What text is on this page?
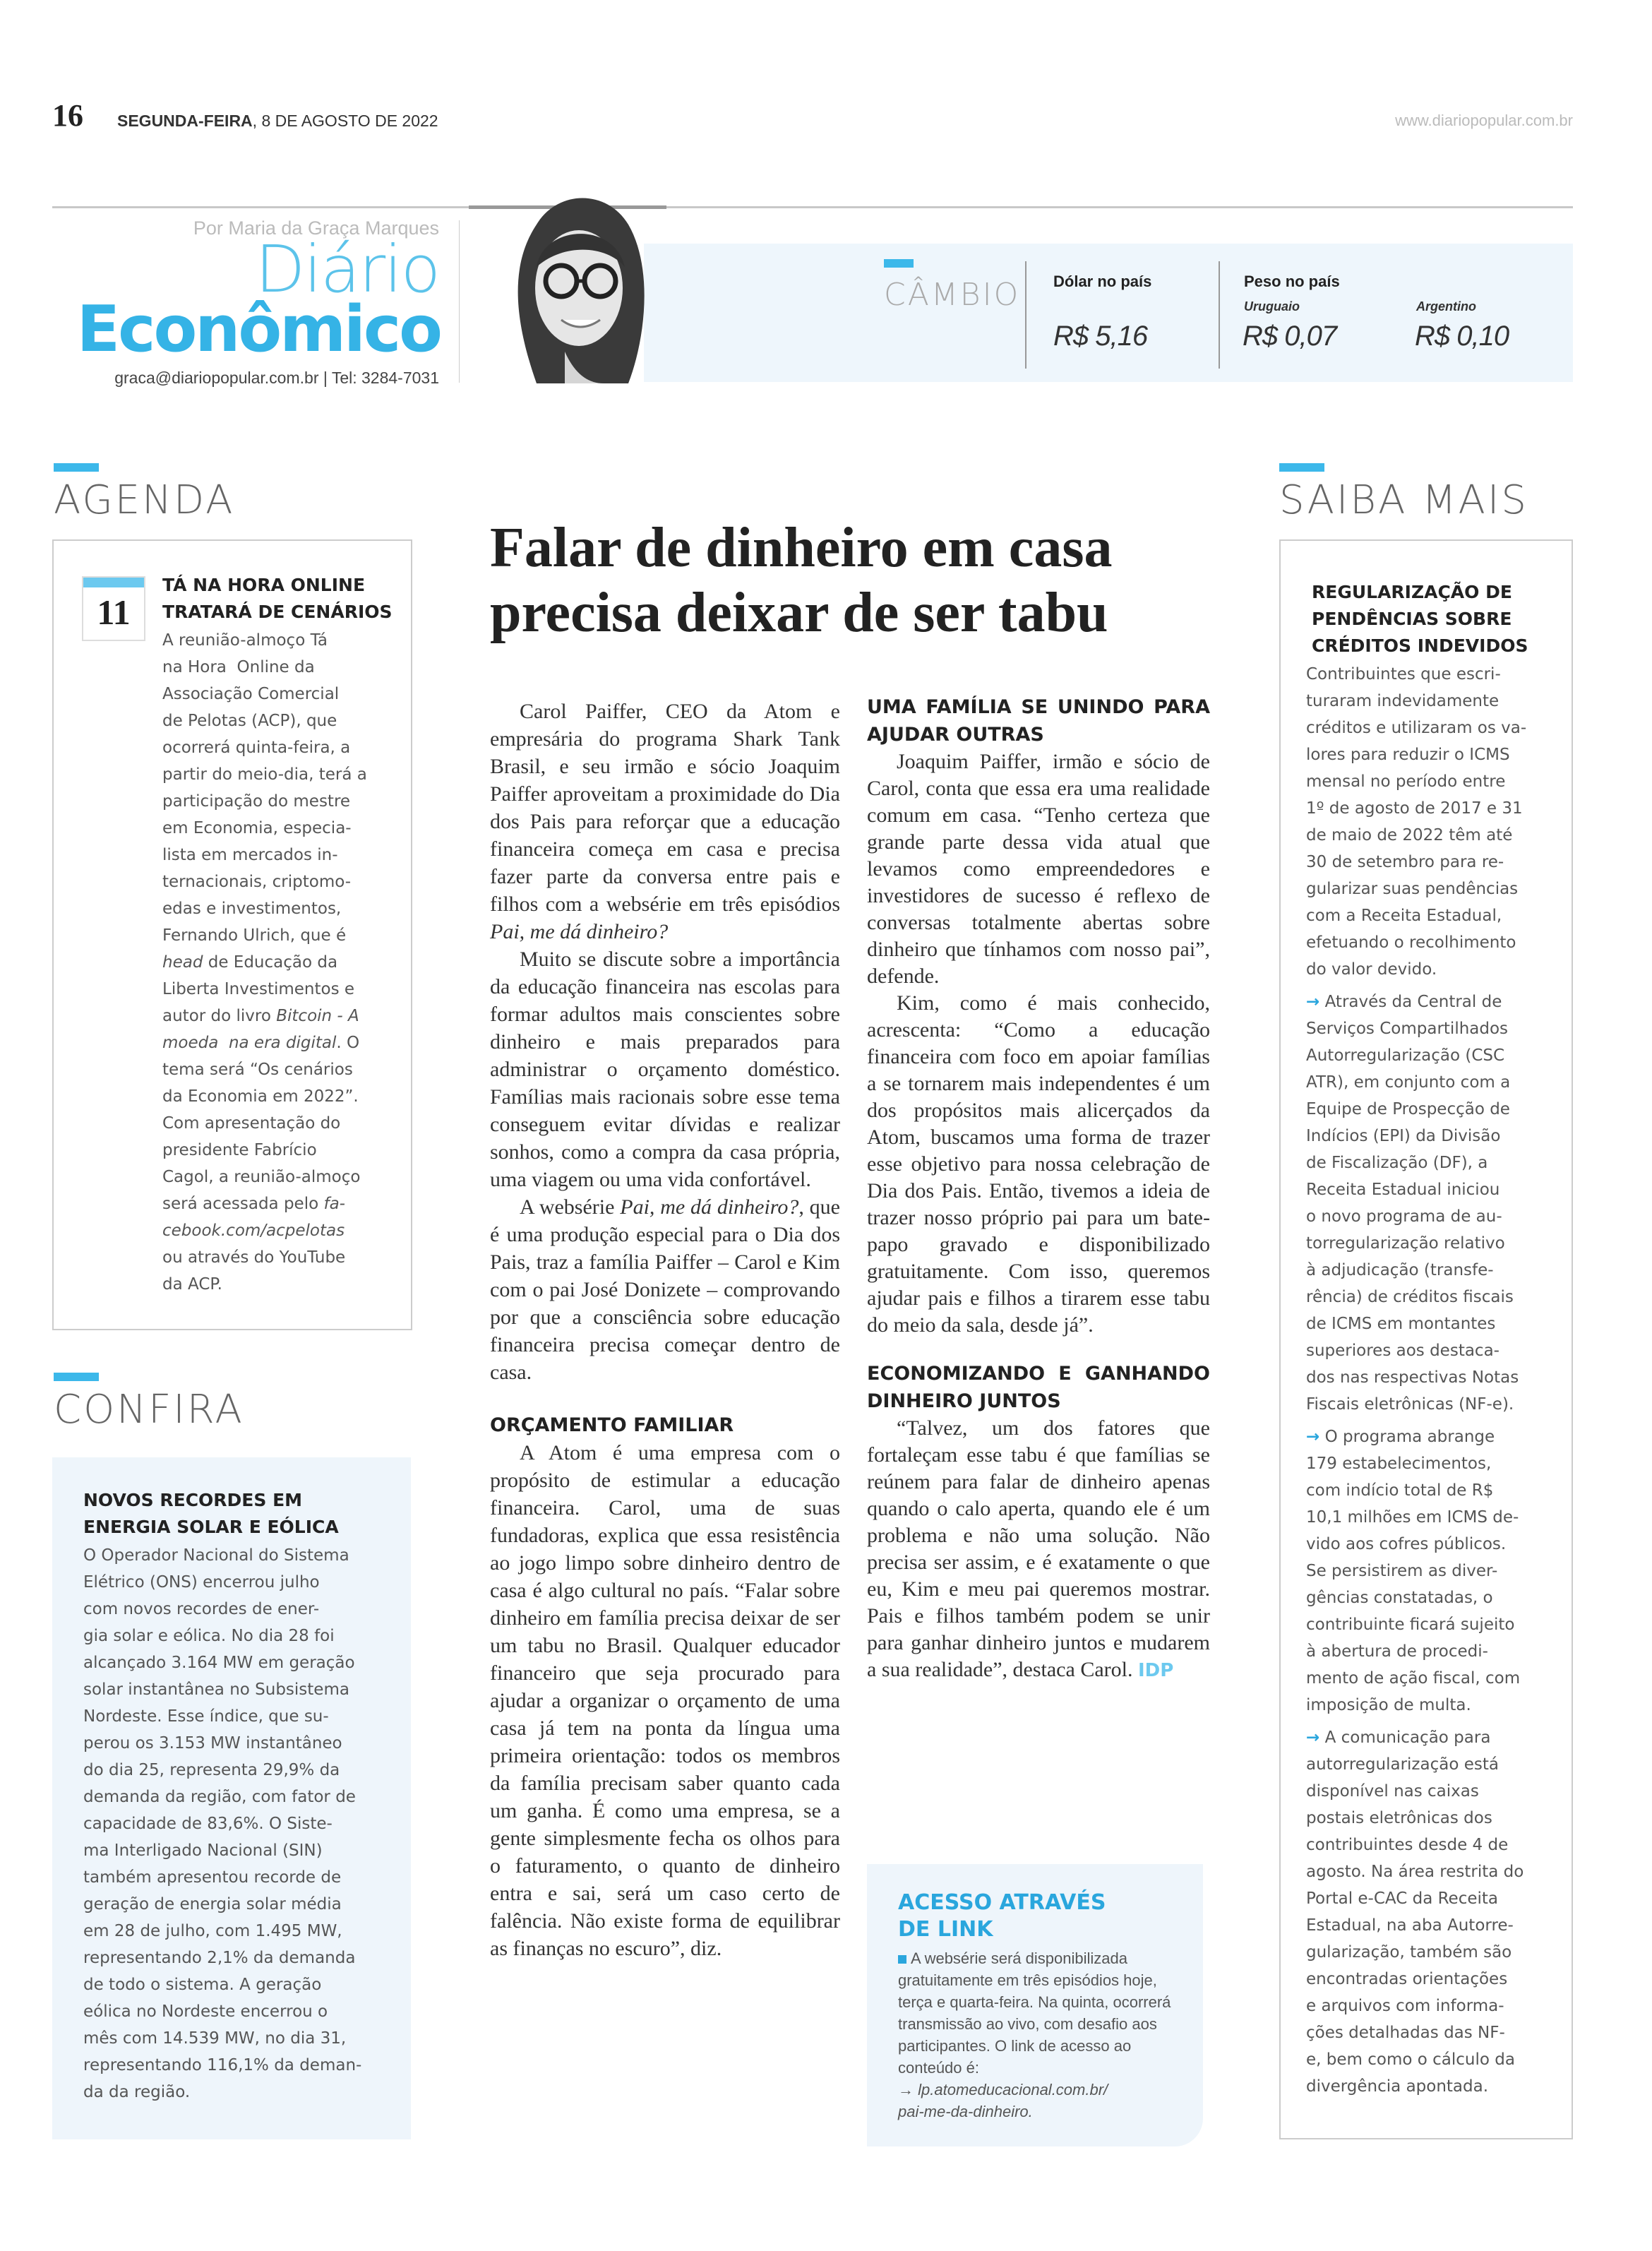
16 SEGUNDA-FEIRA, 8 DE AGOSTO DE 2022	www.diariopopular.com.br
Por Maria da Graça Marques
Diário
Econômico
graca@diariopopular.com.br | Tel: 3284-7031
CÂMBIO Dólar no país
R$ 5,16
Peso no país
Uruguaio
R$ 0,07
Argentino
R$ 0,10
AGENDA
11
TÁ NA HORA ONLINE TRATARÁ DE CENÁRIOS
A reunião-almoço Tá
na Hora  Online da
Associação Comercial
de Pelotas (ACP), que
ocorrerá quinta-feira, a
partir do meio-dia, terá a
participação do mestre
em Economia, especia-
lista em mercados in-
ternacionais, criptomo-
edas e investimentos,
Fernando Ulrich, que é
head de Educação da
Liberta Investimentos e
autor do livro Bitcoin - A
moeda  na era digital. O
tema será “Os cenários
da Economia em 2022”.
Com apresentação do
presidente Fabrício
Cagol, a reunião-almoço
será acessada pelo fa-
cebook.com/acpelotas
ou através do YouTube
da ACP.
CONFIRA
NOVOS RECORDES EM
ENERGIA SOLAR E EÓLICA
O Operador Nacional do Sistema
Elétrico (ONS) encerrou julho
com novos recordes de ener-
gia solar e eólica. No dia 28 foi
alcançado 3.164 MW em geração
solar instantânea no Subsistema
Nordeste. Esse índice, que su-
perou os 3.153 MW instantâneo
do dia 25, representa 29,9% da
demanda da região, com fator de
capacidade de 83,6%. O Siste-
ma Interligado Nacional (SIN)
também apresentou recorde de
geração de energia solar média
em 28 de julho, com 1.495 MW,
representando 2,1% da demanda
de todo o sistema. A geração
eólica no Nordeste encerrou o
mês com 14.539 MW, no dia 31,
representando 116,1% da deman-
da da região.
Falar de dinheiro em casa precisa deixar de ser tabu

Carol Paiffer, CEO da Atom e empresária do programa Shark Tank Brasil, e seu irmão e sócio Joaquim Paiffer aproveitam a proximidade do Dia dos Pais para reforçar que a educação financeira começa em casa e precisa fazer parte da conversa entre pais e filhos com a websérie em três episódios Pai, me dá dinheiro?

Muito se discute sobre a importância da educação financeira nas escolas para formar adultos mais conscientes sobre dinheiro e mais preparados para administrar o orçamento doméstico. Famílias mais racionais sobre esse tema conseguem evitar dívidas e realizar sonhos, como a compra da casa própria, uma viagem ou uma vida confortável.

A websérie Pai, me dá dinheiro?, que é uma produção especial para o Dia dos Pais, traz a família Paiffer – Carol e Kim com o pai José Donizete – comprovando por que a consciência sobre educação financeira precisa começar dentro de casa.

ORÇAMENTO FAMILIAR

A Atom é uma empresa com o propósito de estimular a educação financeira. Carol, uma de suas fundadoras, explica que essa resistência ao jogo limpo sobre dinheiro dentro de casa é algo cultural no país. “Falar sobre dinheiro em família precisa deixar de ser um tabu no Brasil. Qualquer educador financeiro que seja procurado para ajudar a organizar o orçamento de uma casa já tem na ponta da língua uma primeira orientação: todos os membros da família precisam saber quanto cada um ganha. É como uma empresa, se a gente simplesmente fecha os olhos para o faturamento, o quanto de dinheiro entra e sai, será um caso certo de falência. Não existe forma de equilibrar as finanças no escuro”, diz.

UMA FAMÍLIA SE UNINDO PARA AJUDAR OUTRAS

Joaquim Paiffer, irmão e sócio de Carol, conta que essa era uma realidade comum em casa. “Tenho certeza que grande parte dessa vida atual que levamos como empreendedores e investidores de sucesso é reflexo de conversas totalmente abertas sobre dinheiro que tínhamos com nosso pai”, defende.

Kim, como é mais conhecido, acrescenta: “Como a educação financeira com foco em apoiar famílias a se tornarem mais independentes é um dos propósitos mais alicerçados da Atom, buscamos uma forma de trazer esse objetivo para nossa celebração de Dia dos Pais. Então, tivemos a ideia de trazer nosso próprio pai para um bate-papo gravado e disponibilizado gratuitamente. Com isso, queremos ajudar pais e filhos a tirarem esse tabu do meio da sala, desde já”.

ECONOMIZANDO E GANHANDO DINHEIRO JUNTOS

“Talvez, um dos fatores que fortaleçam esse tabu é que famílias se reúnem para falar de dinheiro apenas quando o calo aperta, quando ele é um problema e não uma solução. Não precisa ser assim, e é exatamente o que eu, Kim e meu pai queremos mostrar. Pais e filhos também podem se unir para ganhar dinheiro juntos e mudarem a sua realidade”, destaca Carol. IDP

ACESSO ATRAVÉS DE LINK
A websérie será disponibilizada gratuitamente em três episódios hoje, terça e quarta-feira. Na quinta, ocorrerá transmissão ao vivo, com desafio aos participantes. O link de acesso ao conteúdo é:
→ lp.atomeducacional.com.br/
pai-me-da-dinheiro.
SAIBA MAIS
REGULARIZAÇÃO DE
PENDÊNCIAS SOBRE
CRÉDITOS INDEVIDOS
Contribuintes que escri-
turaram indevidamente
créditos e utilizaram os va-
lores para reduzir o ICMS
mensal no período entre
1º de agosto de 2017 e 31
de maio de 2022 têm até
30 de setembro para re-
gularizar suas pendências
com a Receita Estadual,
efetuando o recolhimento
do valor devido.
→ Através da Central de
Serviços Compartilhados
Autorregularização (CSC
ATR), em conjunto com a
Equipe de Prospecção de
Indícios (EPI) da Divisão
de Fiscalização (DF), a
Receita Estadual iniciou
o novo programa de au-
torregularização relativo
à adjudicação (transfe-
rência) de créditos fiscais
de ICMS em montantes
superiores aos destaca-
dos nas respectivas Notas
Fiscais eletrônicas (NF-e).
→ O programa abrange
179 estabelecimentos,
com indício total de R$
10,1 milhões em ICMS de-
vido aos cofres públicos.
Se persistirem as diver-
gências constatadas, o
contribuinte ficará sujeito
à abertura de procedi-
mento de ação fiscal, com
imposição de multa.
→ A comunicação para
autorregularização está
disponível nas caixas
postais eletrônicas dos
contribuintes desde 4 de
agosto. Na área restrita do
Portal e-CAC da Receita
Estadual, na aba Autorre-
gularização, também são
encontradas orientações
e arquivos com informa-
ções detalhadas das NF-
e, bem como o cálculo da
divergência apontada.
